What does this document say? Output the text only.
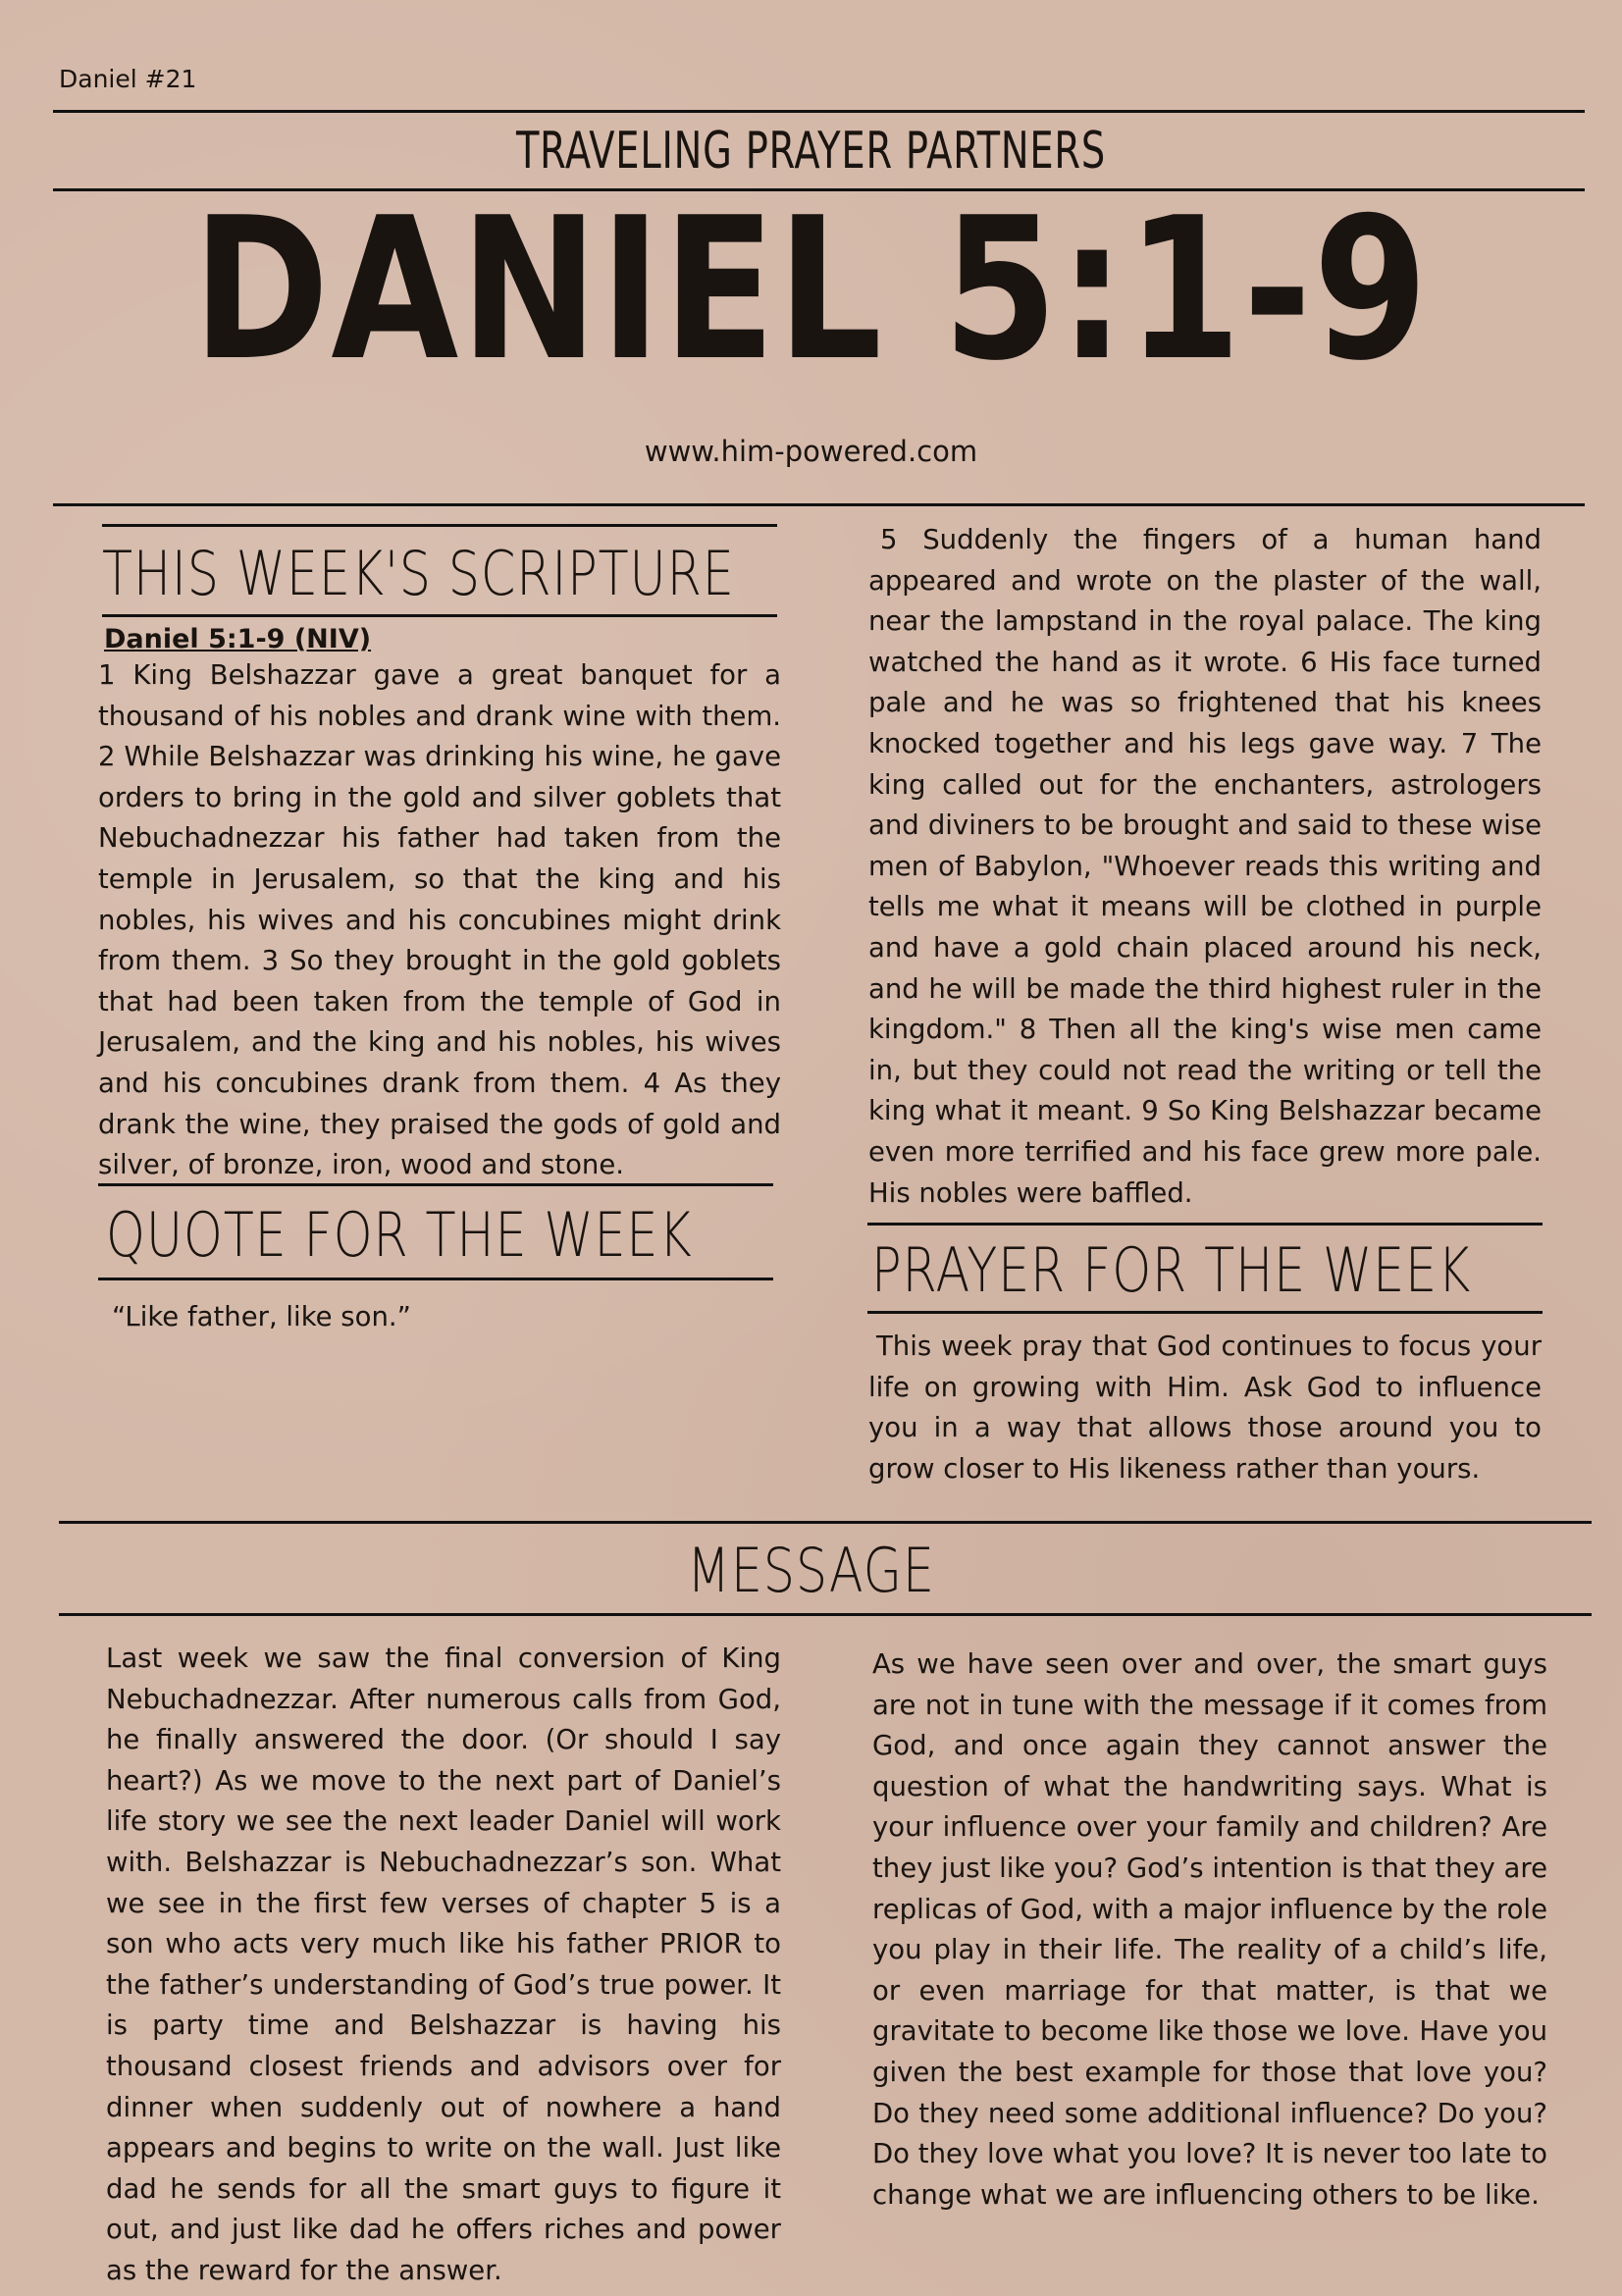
Daniel #21
TRAVELING PRAYER PARTNERS
DANIEL 5:1-9
www.him-powered.com
THIS WEEK'S SCRIPTURE
Daniel 5:1-9 (NIV)
1 King Belshazzar gave a great banquet for a thousand of his nobles and drank wine with them. 2 While Belshazzar was drinking his wine, he gave orders to bring in the gold and silver goblets that Nebuchadnezzar his father had taken from the temple in Jerusalem, so that the king and his nobles, his wives and his concubines might drink from them. 3 So they brought in the gold goblets that had been taken from the temple of God in Jerusalem, and the king and his nobles, his wives and his concubines drank from them. 4 As they drank the wine, they praised the gods of gold and silver, of bronze, iron, wood and stone.
QUOTE FOR THE WEEK
“Like father, like son.”
5 Suddenly the fingers of a human hand appeared and wrote on the plaster of the wall, near the lampstand in the royal palace. The king watched the hand as it wrote. 6 His face turned pale and he was so frightened that his knees knocked together and his legs gave way. 7 The king called out for the enchanters, astrologers and diviners to be brought and said to these wise men of Babylon, "Whoever reads this writing and tells me what it means will be clothed in purple and have a gold chain placed around his neck, and he will be made the third highest ruler in the kingdom." 8 Then all the king's wise men came in, but they could not read the writing or tell the king what it meant. 9 So King Belshazzar became even more terrified and his face grew more pale. His nobles were baffled.
PRAYER FOR THE WEEK
This week pray that God continues to focus your life on growing with Him. Ask God to influence you in a way that allows those around you to grow closer to His likeness rather than yours.
MESSAGE
Last week we saw the final conversion of King Nebuchadnezzar. After numerous calls from God, he finally answered the door. (Or should I say heart?) As we move to the next part of Daniel’s life story we see the next leader Daniel will work with. Belshazzar is Nebuchadnezzar’s son. What we see in the first few verses of chapter 5 is a son who acts very much like his father PRIOR to the father’s understanding of God’s true power. It is party time and Belshazzar is having his thousand closest friends and advisors over for dinner when suddenly out of nowhere a hand appears and begins to write on the wall. Just like dad he sends for all the smart guys to figure it out, and just like dad he offers riches and power as the reward for the answer.
As we have seen over and over, the smart guys are not in tune with the message if it comes from God, and once again they cannot answer the question of what the handwriting says. What is your influence over your family and children? Are they just like you? God’s intention is that they are replicas of God, with a major influence by the role you play in their life. The reality of a child’s life, or even marriage for that matter, is that we gravitate to become like those we love. Have you given the best example for those that love you? Do they need some additional influence? Do you? Do they love what you love? It is never too late to change what we are influencing others to be like.
